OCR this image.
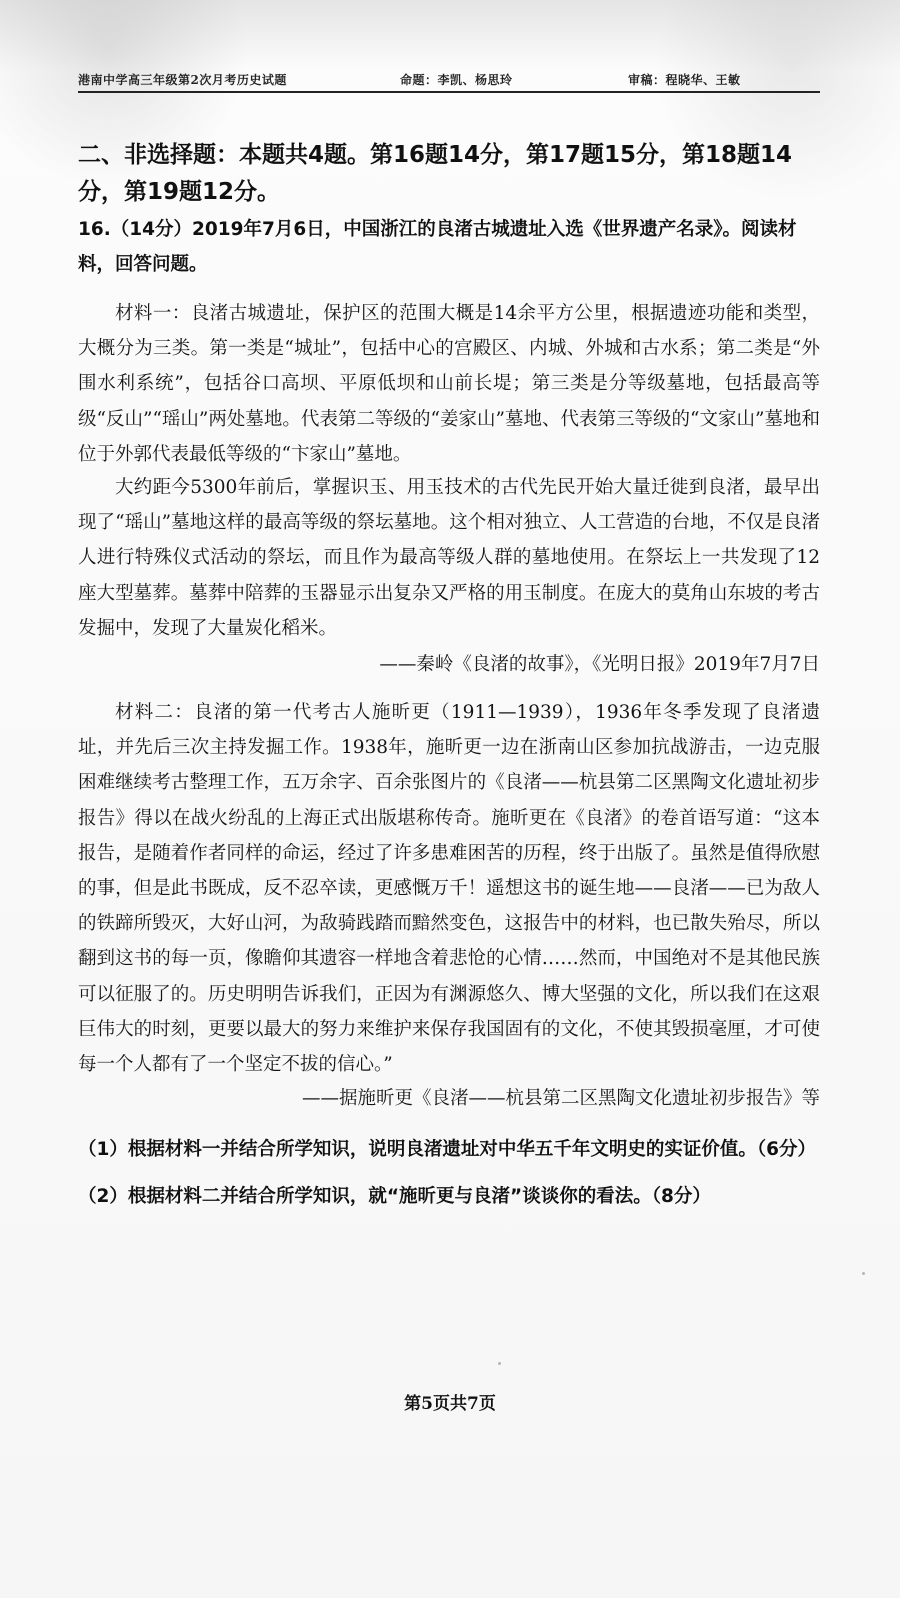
港南中学高三年级第2次月考历史试题	命题：李凯、杨思玲	审稿：程晓华、王敏
二、非选择题：本题共4题。第16题14分，第17题15分，第18题14分，第19题12分。
16.（14分）2019年7月6日，中国浙江的良渚古城遗址入选《世界遗产名录》。阅读材料，回答问题。
材料一：良渚古城遗址，保护区的范围大概是14余平方公里，根据遗迹功能和类型，大概分为三类。第一类是“城址”，包括中心的宫殿区、内城、外城和古水系；第二类是“外围水利系统”，包括谷口高坝、平原低坝和山前长堤；第三类是分等级墓地，包括最高等级“反山”“瑶山”两处墓地。代表第二等级的“姜家山”墓地、代表第三等级的“文家山”墓地和位于外郭代表最低等级的“卞家山”墓地。
大约距今5300年前后，掌握识玉、用玉技术的古代先民开始大量迁徙到良渚，最早出现了“瑶山”墓地这样的最高等级的祭坛墓地。这个相对独立、人工营造的台地，不仅是良渚人进行特殊仪式活动的祭坛，而且作为最高等级人群的墓地使用。在祭坛上一共发现了12座大型墓葬。墓葬中陪葬的玉器显示出复杂又严格的用玉制度。在庞大的莫角山东坡的考古发掘中，发现了大量炭化稻米。
——秦岭《良渚的故事》，《光明日报》2019年7月7日
材料二：良渚的第一代考古人施昕更（1911—1939），1936年冬季发现了良渚遗址，并先后三次主持发掘工作。1938年，施昕更一边在浙南山区参加抗战游击，一边克服困难继续考古整理工作，五万余字、百余张图片的《良渚——杭县第二区黑陶文化遗址初步报告》得以在战火纷乱的上海正式出版堪称传奇。施昕更在《良渚》的卷首语写道：“这本报告，是随着作者同样的命运，经过了许多患难困苦的历程，终于出版了。虽然是值得欣慰的事，但是此书既成，反不忍卒读，更感慨万千！遥想这书的诞生地——良渚——已为敌人的铁蹄所毁灭，大好山河，为敌骑践踏而黯然变色，这报告中的材料，也已散失殆尽，所以翻到这书的每一页，像瞻仰其遗容一样地含着悲怆的心情……然而，中国绝对不是其他民族可以征服了的。历史明明告诉我们，正因为有渊源悠久、博大坚强的文化，所以我们在这艰巨伟大的时刻，更要以最大的努力来维护来保存我国固有的文化，不使其毁损毫厘，才可使每一个人都有了一个坚定不拔的信心。”
——据施昕更《良渚——杭县第二区黑陶文化遗址初步报告》等
（1）根据材料一并结合所学知识，说明良渚遗址对中华五千年文明史的实证价值。（6分）
（2）根据材料二并结合所学知识，就“施昕更与良渚”谈谈你的看法。（8分）
第5页共7页
